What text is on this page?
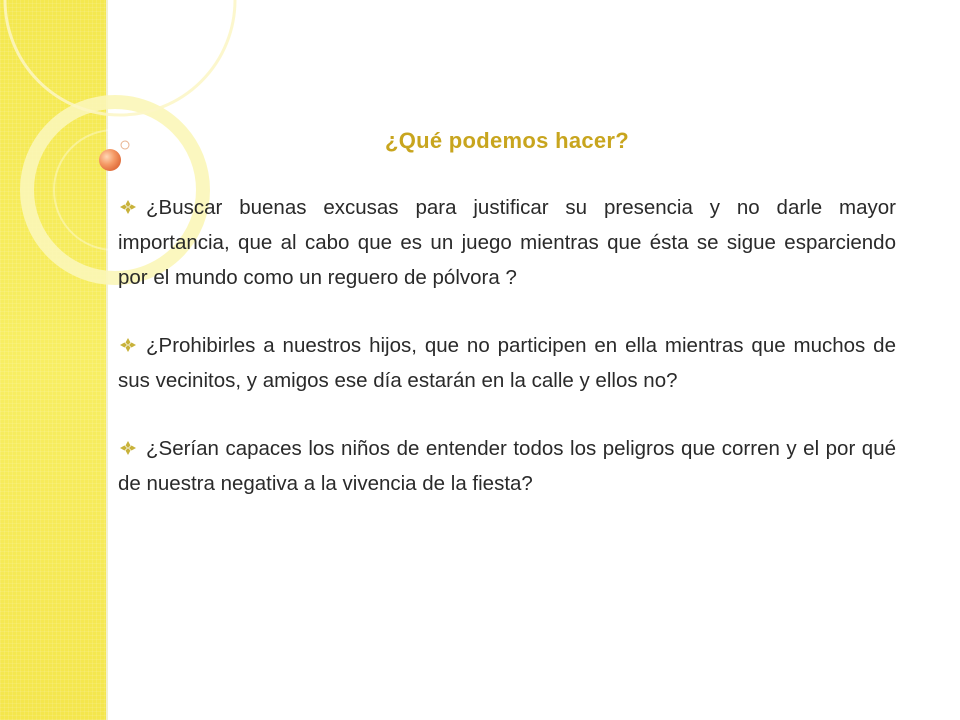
¿Qué podemos hacer?

¿Buscar buenas excusas para justificar su presencia y no darle mayor importancia, que al cabo que es un juego mientras que ésta se sigue esparciendo por el mundo como un reguero de pólvora ?

¿Prohibirles a nuestros hijos, que no participen en ella mientras que muchos de sus vecinitos, y amigos ese día estarán en la calle y ellos no?

¿Serían capaces los niños de entender todos los peligros que corren y el por qué de nuestra negativa a la vivencia de la fiesta?
